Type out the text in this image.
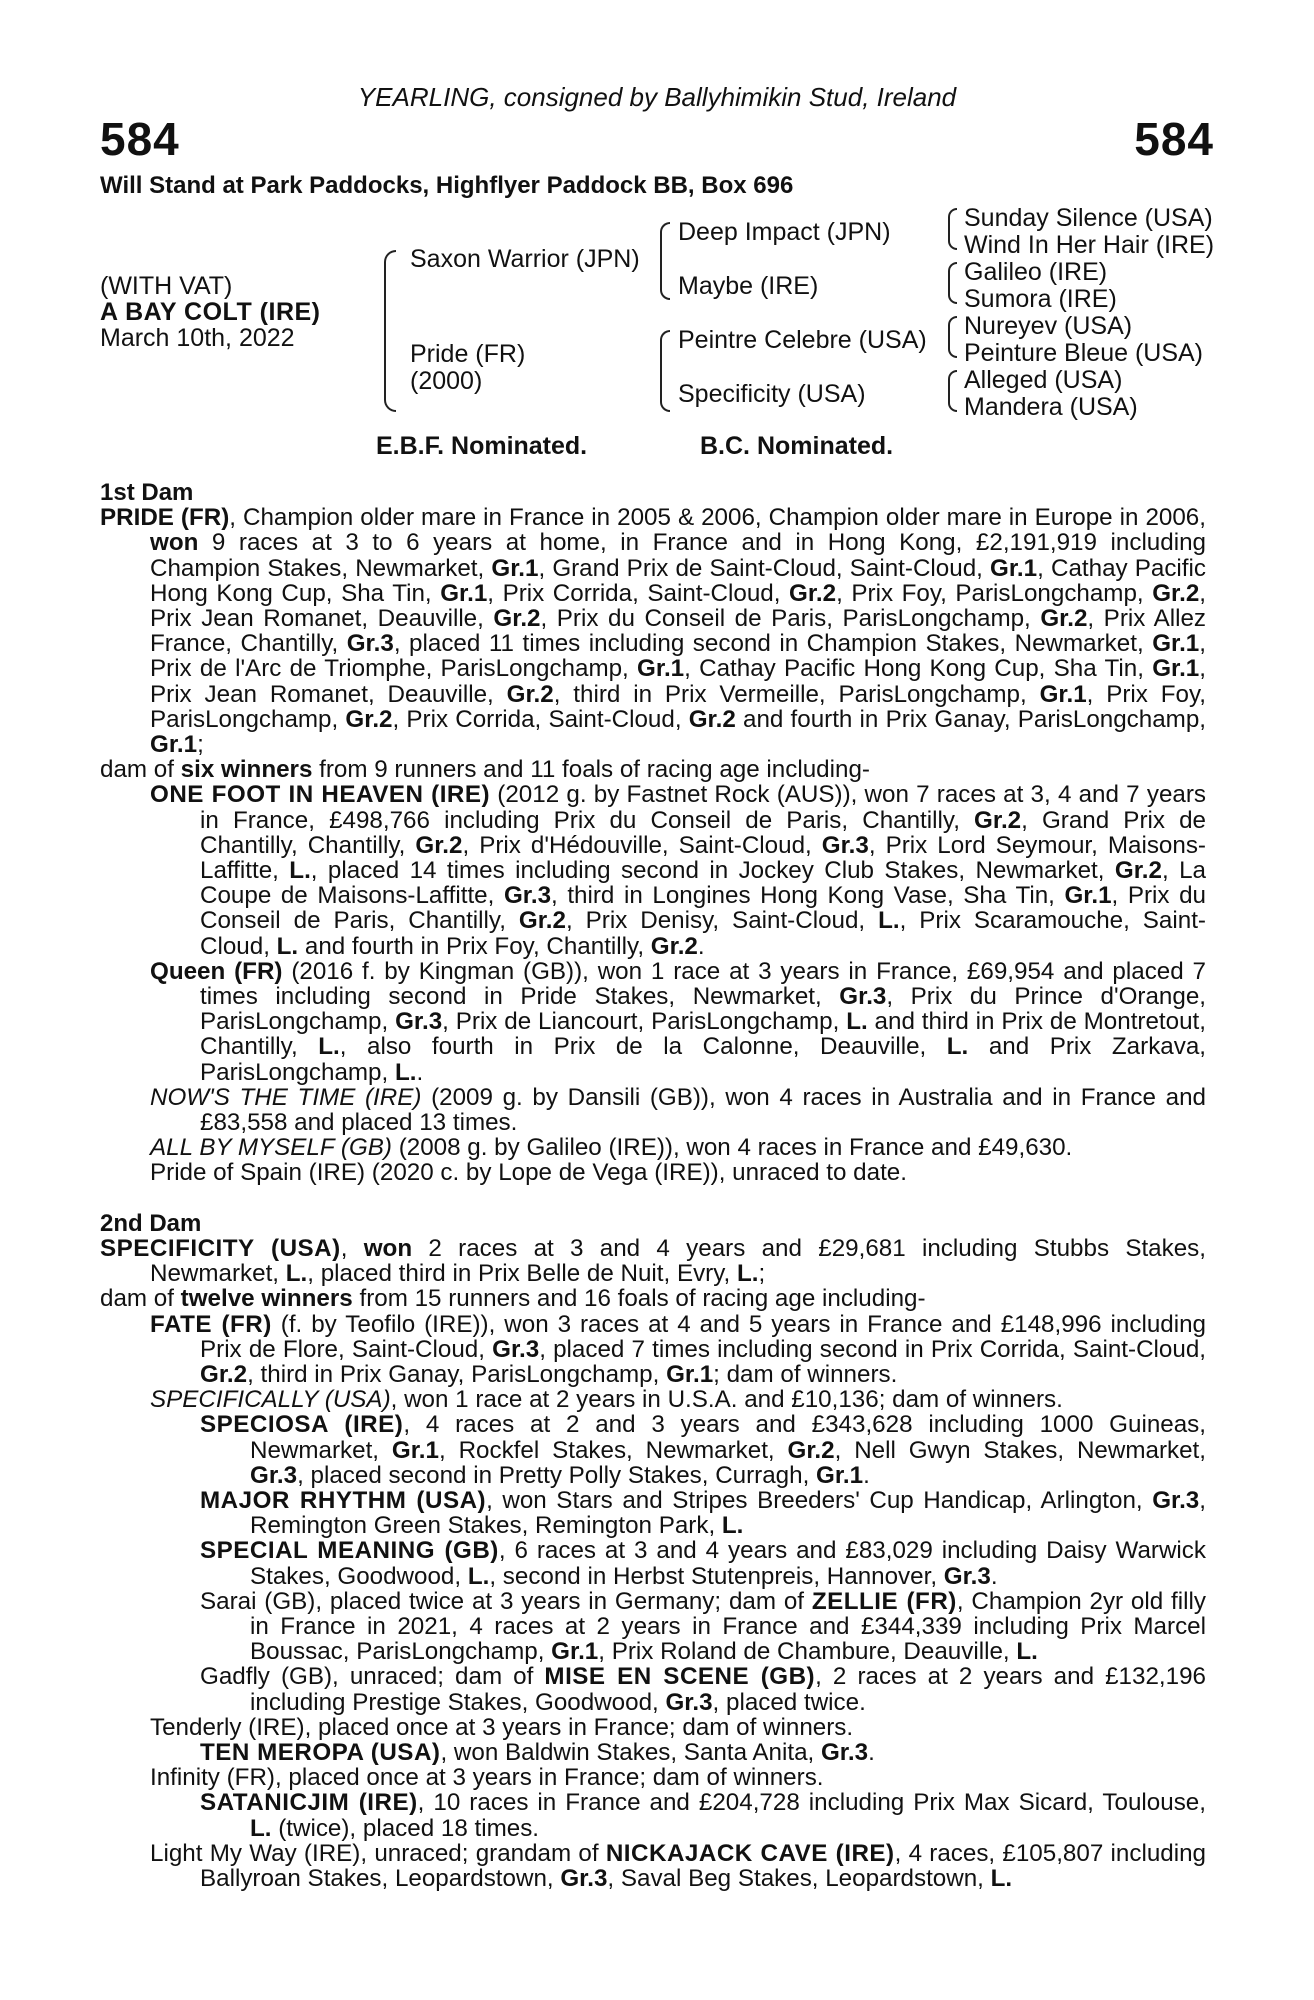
YEARLING, consigned by Ballyhimikin Stud, Ireland
584	584
Will Stand at Park Paddocks, Highflyer Paddock BB, Box 696
(WITH VAT)
A BAY COLT (IRE)
March 10th, 2022
Saxon Warrior (JPN)
Pride (FR)
(2000)
Deep Impact (JPN)
Maybe (IRE)
Peintre Celebre (USA)
Specificity (USA)
Sunday Silence (USA)
Wind In Her Hair (IRE)
Galileo (IRE)
Sumora (IRE)
Nureyev (USA)
Peinture Bleue (USA)
Alleged (USA)
Mandera (USA)
E.B.F. Nominated.	B.C. Nominated.

1st Dam

PRIDE (FR), Champion older mare in France in 2005 & 2006, Champion older mare in Europe in 2006, won 9 races at 3 to 6 years at home, in France and in Hong Kong, £2,191,919 including Champion Stakes, Newmarket, Gr.1, Grand Prix de Saint-Cloud, Saint-Cloud, Gr.1, Cathay Pacific Hong Kong Cup, Sha Tin, Gr.1, Prix Corrida, Saint-Cloud, Gr.2, Prix Foy, ParisLongchamp, Gr.2, Prix Jean Romanet, Deauville, Gr.2, Prix du Conseil de Paris, ParisLongchamp, Gr.2, Prix Allez France, Chantilly, Gr.3, placed 11 times including second in Champion Stakes, Newmarket, Gr.1, Prix de l'Arc de Triomphe, ParisLongchamp, Gr.1, Cathay Pacific Hong Kong Cup, Sha Tin, Gr.1, Prix Jean Romanet, Deauville, Gr.2, third in Prix Vermeille, ParisLongchamp, Gr.1, Prix Foy, ParisLongchamp, Gr.2, Prix Corrida, Saint-Cloud, Gr.2 and fourth in Prix Ganay, ParisLongchamp, Gr.1;

dam of six winners from 9 runners and 11 foals of racing age including-

ONE FOOT IN HEAVEN (IRE) (2012 g. by Fastnet Rock (AUS)), won 7 races at 3, 4 and 7 years in France, £498,766 including Prix du Conseil de Paris, Chantilly, Gr.2, Grand Prix de Chantilly, Chantilly, Gr.2, Prix d'Hédouville, Saint-Cloud, Gr.3, Prix Lord Seymour, Maisons-Laffitte, L., placed 14 times including second in Jockey Club Stakes, Newmarket, Gr.2, La Coupe de Maisons-Laffitte, Gr.3, third in Longines Hong Kong Vase, Sha Tin, Gr.1, Prix du Conseil de Paris, Chantilly, Gr.2, Prix Denisy, Saint-Cloud, L., Prix Scaramouche, Saint-Cloud, L. and fourth in Prix Foy, Chantilly, Gr.2.

Queen (FR) (2016 f. by Kingman (GB)), won 1 race at 3 years in France, £69,954 and placed 7 times including second in Pride Stakes, Newmarket, Gr.3, Prix du Prince d'Orange, ParisLongchamp, Gr.3, Prix de Liancourt, ParisLongchamp, L. and third in Prix de Montretout, Chantilly, L., also fourth in Prix de la Calonne, Deauville, L. and Prix Zarkava, ParisLongchamp, L..

NOW'S THE TIME (IRE) (2009 g. by Dansili (GB)), won 4 races in Australia and in France and £83,558 and placed 13 times.

ALL BY MYSELF (GB) (2008 g. by Galileo (IRE)), won 4 races in France and £49,630.

Pride of Spain (IRE) (2020 c. by Lope de Vega (IRE)), unraced to date.

2nd Dam

SPECIFICITY (USA), won 2 races at 3 and 4 years and £29,681 including Stubbs Stakes, Newmarket, L., placed third in Prix Belle de Nuit, Evry, L.;

dam of twelve winners from 15 runners and 16 foals of racing age including-

FATE (FR) (f. by Teofilo (IRE)), won 3 races at 4 and 5 years in France and £148,996 including Prix de Flore, Saint-Cloud, Gr.3, placed 7 times including second in Prix Corrida, Saint-Cloud, Gr.2, third in Prix Ganay, ParisLongchamp, Gr.1; dam of winners.

SPECIFICALLY (USA), won 1 race at 2 years in U.S.A. and £10,136; dam of winners.

SPECIOSA (IRE), 4 races at 2 and 3 years and £343,628 including 1000 Guineas, Newmarket, Gr.1, Rockfel Stakes, Newmarket, Gr.2, Nell Gwyn Stakes, Newmarket, Gr.3, placed second in Pretty Polly Stakes, Curragh, Gr.1.

MAJOR RHYTHM (USA), won Stars and Stripes Breeders' Cup Handicap, Arlington, Gr.3, Remington Green Stakes, Remington Park, L.

SPECIAL MEANING (GB), 6 races at 3 and 4 years and £83,029 including Daisy Warwick Stakes, Goodwood, L., second in Herbst Stutenpreis, Hannover, Gr.3.

Sarai (GB), placed twice at 3 years in Germany; dam of ZELLIE (FR), Champion 2yr old filly in France in 2021, 4 races at 2 years in France and £344,339 including Prix Marcel Boussac, ParisLongchamp, Gr.1, Prix Roland de Chambure, Deauville, L.

Gadfly (GB), unraced; dam of MISE EN SCENE (GB), 2 races at 2 years and £132,196 including Prestige Stakes, Goodwood, Gr.3, placed twice.

Tenderly (IRE), placed once at 3 years in France; dam of winners.

TEN MEROPA (USA), won Baldwin Stakes, Santa Anita, Gr.3.

Infinity (FR), placed once at 3 years in France; dam of winners.

SATANICJIM (IRE), 10 races in France and £204,728 including Prix Max Sicard, Toulouse, L. (twice), placed 18 times.

Light My Way (IRE), unraced; grandam of NICKAJACK CAVE (IRE), 4 races, £105,807 including Ballyroan Stakes, Leopardstown, Gr.3, Saval Beg Stakes, Leopardstown, L.
